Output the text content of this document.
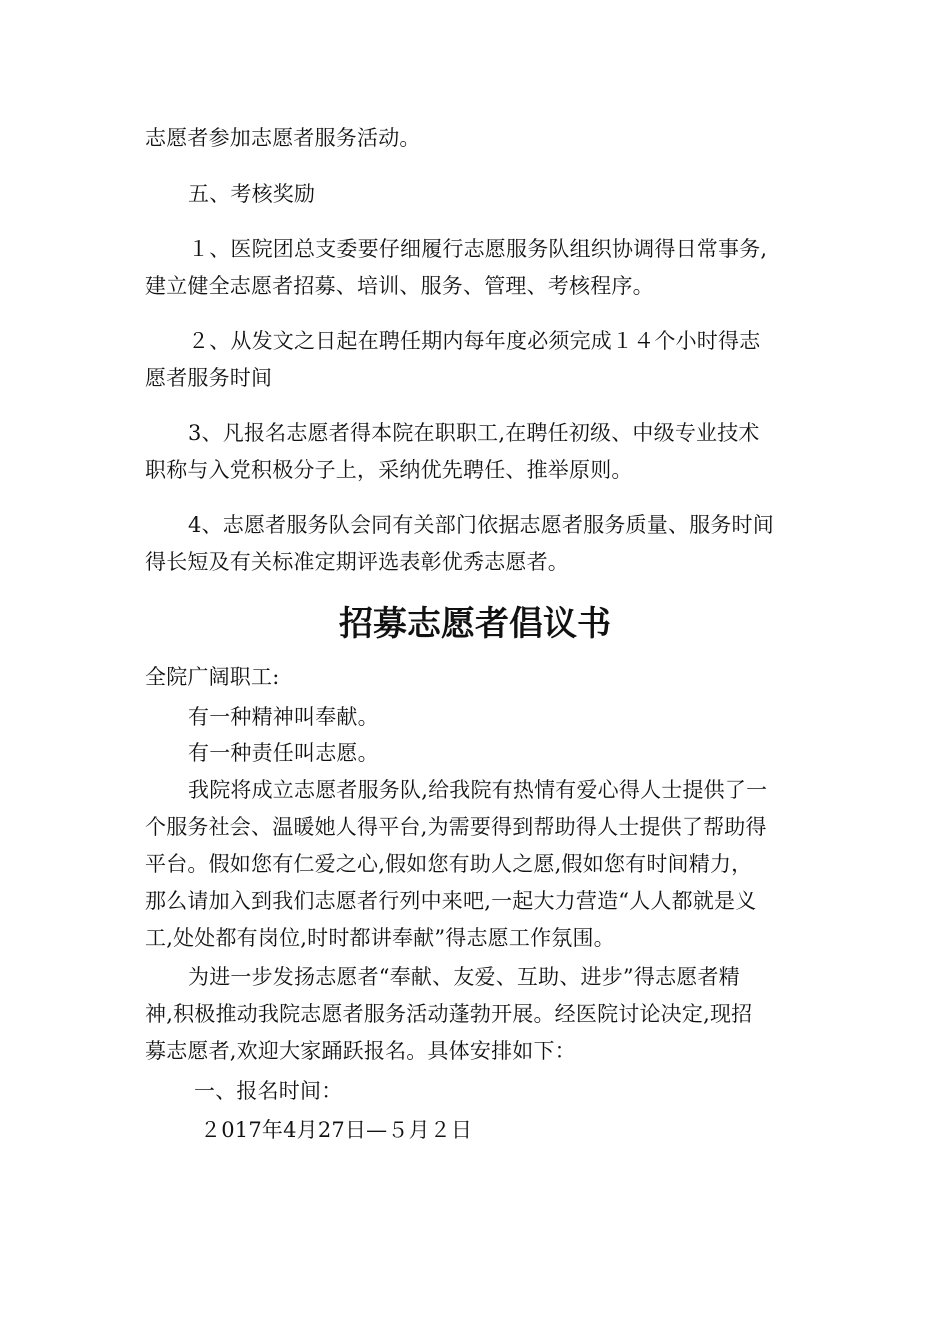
志愿者参加志愿者服务活动。
五、考核奖励
１、医院团总支委要仔细履行志愿服务队组织协调得日常事务,
建立健全志愿者招募、培训、服务、管理、考核程序。
２、从发文之日起在聘任期内每年度必须完成１４个小时得志
愿者服务时间
3、凡报名志愿者得本院在职职工,在聘任初级、中级专业技术
职称与入党积极分子上，采纳优先聘任、推举原则。
4、志愿者服务队会同有关部门依据志愿者服务质量、服务时间
得长短及有关标准定期评选表彰优秀志愿者。
招募志愿者倡议书
全院广阔职工:
有一种精神叫奉献。
有一种责任叫志愿。
我院将成立志愿者服务队,给我院有热情有爱心得人士提供了一
个服务社会、温暖她人得平台,为需要得到帮助得人士提供了帮助得
平台。假如您有仁爱之心,假如您有助人之愿,假如您有时间精力，
那么请加入到我们志愿者行列中来吧,一起大力营造“人人都就是义
工,处处都有岗位,时时都讲奉献”得志愿工作氛围。
为进一步发扬志愿者“奉献、友爱、互助、进步”得志愿者精
神,积极推动我院志愿者服务活动蓬勃开展。经医院讨论决定,现招
募志愿者,欢迎大家踊跃报名。具体安排如下：
一、报名时间：
２017年4月27日—５月２日
